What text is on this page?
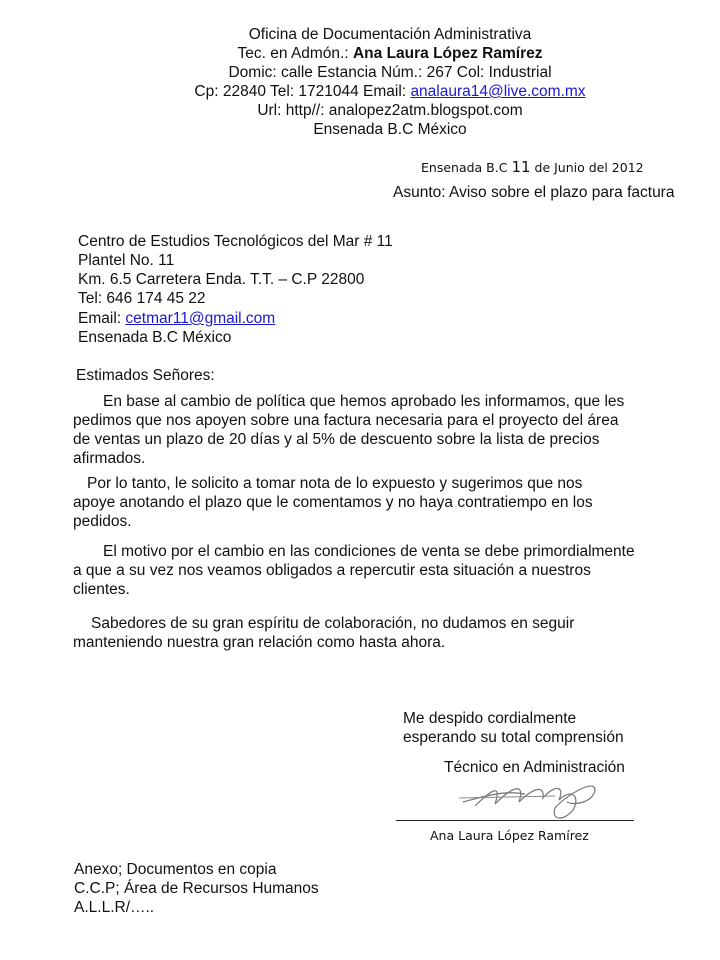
Oficina de Documentación Administrativa
Tec. en Admón.: Ana Laura López Ramírez
Domic: calle Estancia Núm.: 267 Col: Industrial
Cp: 22840 Tel: 1721044 Email: analaura14@live.com.mx
Url: http//: analopez2atm.blogspot.com
Ensenada B.C México
Ensenada B.C 11 de Junio del 2012
Asunto: Aviso sobre el plazo para factura
Centro de Estudios Tecnológicos del Mar # 11
Plantel No. 11
Km. 6.5 Carretera Enda. T.T. – C.P 22800
Tel: 646 174 45 22
Email: cetmar11@gmail.com
Ensenada B.C México
Estimados Señores:
En base al cambio de política que hemos aprobado les informamos, que les
pedimos que nos apoyen sobre una factura necesaria para el proyecto del área
de ventas un plazo de 20 días y al 5% de descuento sobre la lista de precios
afirmados.
Por lo tanto, le solicito a tomar nota de lo expuesto y sugerimos que nos
apoye anotando el plazo que le comentamos y no haya contratiempo en los
pedidos.
El motivo por el cambio en las condiciones de venta se debe primordialmente
a que a su vez nos veamos obligados a repercutir esta situación a nuestros
clientes.
Sabedores de su gran espíritu de colaboración, no dudamos en seguir
manteniendo nuestra gran relación como hasta ahora.
Me despido cordialmente
esperando su total comprensión
Técnico en Administración
Ana Laura López Ramírez
Anexo; Documentos en copia
C.C.P; Área de Recursos Humanos
A.L.L.R/…..
